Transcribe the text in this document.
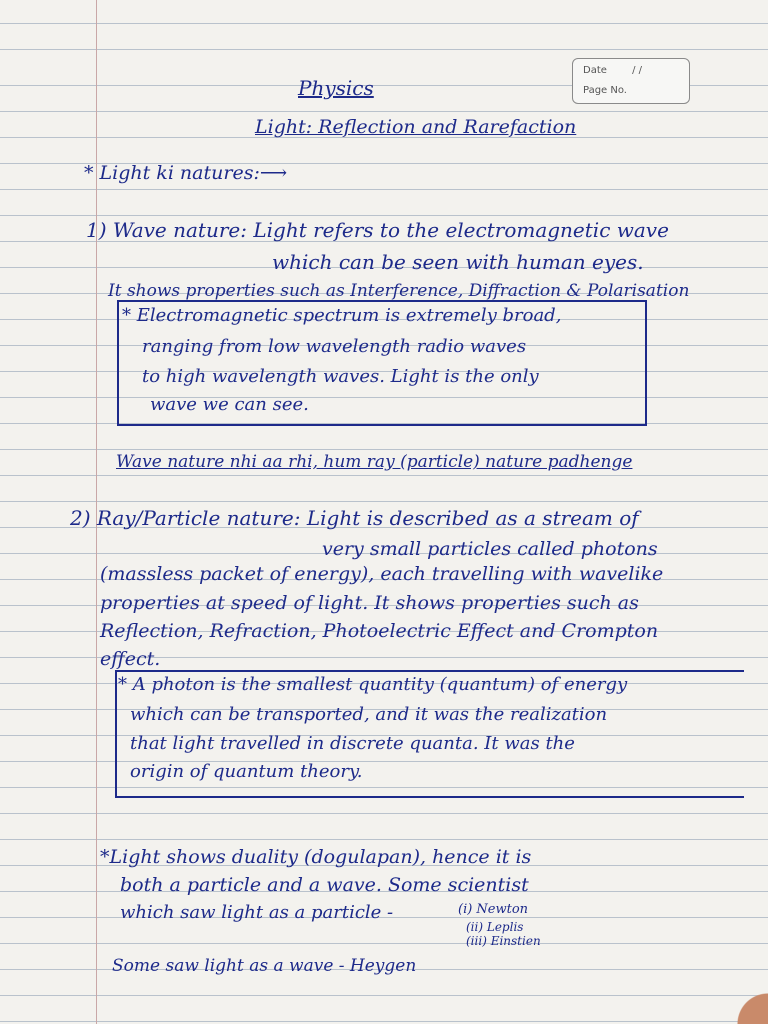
Date	/ /
Page No.
Physics
Light: Reflection and Rarefaction
* Light ki natures:⟶
1) Wave nature: Light refers to the electromagnetic wave
which can be seen with human eyes.
It shows properties such as Interference, Diffraction & Polarisation
* Electromagnetic spectrum is extremely broad,
ranging from low wavelength radio waves
to high wavelength waves. Light is the only
wave we can see.
Wave nature nhi aa rhi, hum ray (particle) nature padhenge
2) Ray/Particle nature: Light is described as a stream of
very small particles called photons
(massless packet of energy), each travelling with wavelike
properties at speed of light. It shows properties such as
Reflection, Refraction, Photoelectric Effect and Crompton
effect.
* A photon is the smallest quantity (quantum) of energy
which can be transported, and it was the realization
that light travelled in discrete quanta. It was the
origin of quantum theory.
*Light shows duality (dogulapan), hence it is
both a particle and a wave. Some scientist
which saw light as a particle -	(i) Newton
(ii) Leplis
(iii) Einstien
Some saw light as a wave - Heygen
